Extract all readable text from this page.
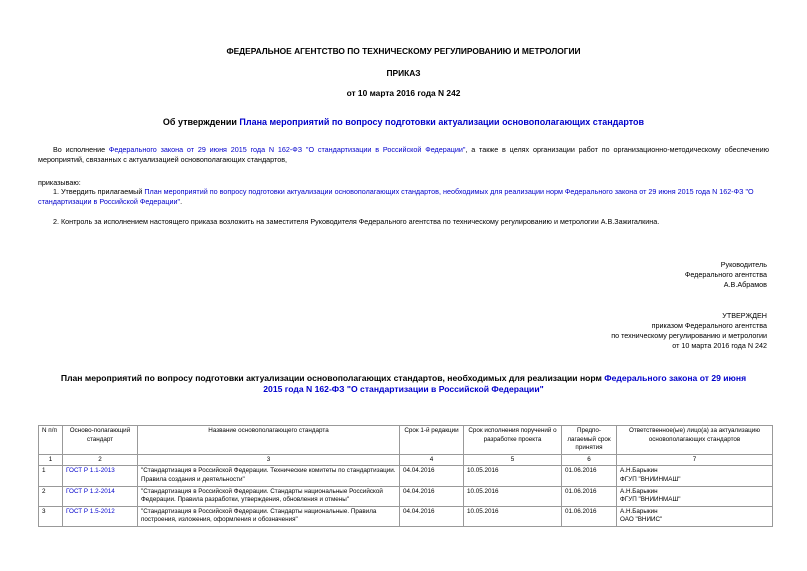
ФЕДЕРАЛЬНОЕ АГЕНТСТВО ПО ТЕХНИЧЕСКОМУ РЕГУЛИРОВАНИЮ И МЕТРОЛОГИИ
ПРИКАЗ
от 10 марта 2016 года N 242
Об утверждении Плана мероприятий по вопросу подготовки актуализации основополагающих стандартов
Во исполнение Федерального закона от 29 июня 2015 года N 162-ФЗ "О стандартизации в Российской Федерации", а также в целях организации работ по организационно-методическому обеспечению мероприятий, связанных с актуализацией основополагающих стандартов,
приказываю:
1. Утвердить прилагаемый План мероприятий по вопросу подготовки актуализации основополагающих стандартов, необходимых для реализации норм Федерального закона от 29 июня 2015 года N 162-ФЗ "О стандартизации в Российской Федерации".
2. Контроль за исполнением настоящего приказа возложить на заместителя Руководителя Федерального агентства по техническому регулированию и метрологии А.В.Зажигалкина.
Руководитель
Федерального агентства
А.В.Абрамов
УТВЕРЖДЕН
приказом Федерального агентства
по техническому регулированию и метрологии
от 10 марта 2016 года N 242
План мероприятий по вопросу подготовки актуализации основополагающих стандартов, необходимых для реализации норм Федерального закона от 29 июня 2015 года N 162-ФЗ "О стандартизации в Российской Федерации"
N п/п	Осново-полагающий стандарт	Название основополагающего стандарта	Срок 1-й редакции	Срок исполнения поручений о разработке проекта	Предпо-лагаемый срок принятия	Ответственное(ые) лицо(а) за актуализацию основополагающих стандартов
1	2	3	4	5	6	7
1	ГОСТ Р 1.1-2013	"Стандартизация в Российской Федерации. Технические комитеты по стандартизации. Правила создания и деятельности"	04.04.2016	10.05.2016	01.06.2016	А.Н.Барыкин
ФГУП "ВНИИНМАШ"

2	ГОСТ Р 1.2-2014	"Стандартизация в Российской Федерации. Стандарты национальные Российской Федерации. Правила разработки, утверждения, обновления и отмены"	04.04.2016	10.05.2016	01.06.2016	А.Н.Барыкин
ФГУП "ВНИИНМАШ"

3	ГОСТ Р 1.5-2012	"Стандартизация в Российской Федерации. Стандарты национальные. Правила построения, изложения, оформления и обозначения"	04.04.2016	10.05.2016	01.06.2016	А.Н.Барыкин
ОАО "ВНИИС"
